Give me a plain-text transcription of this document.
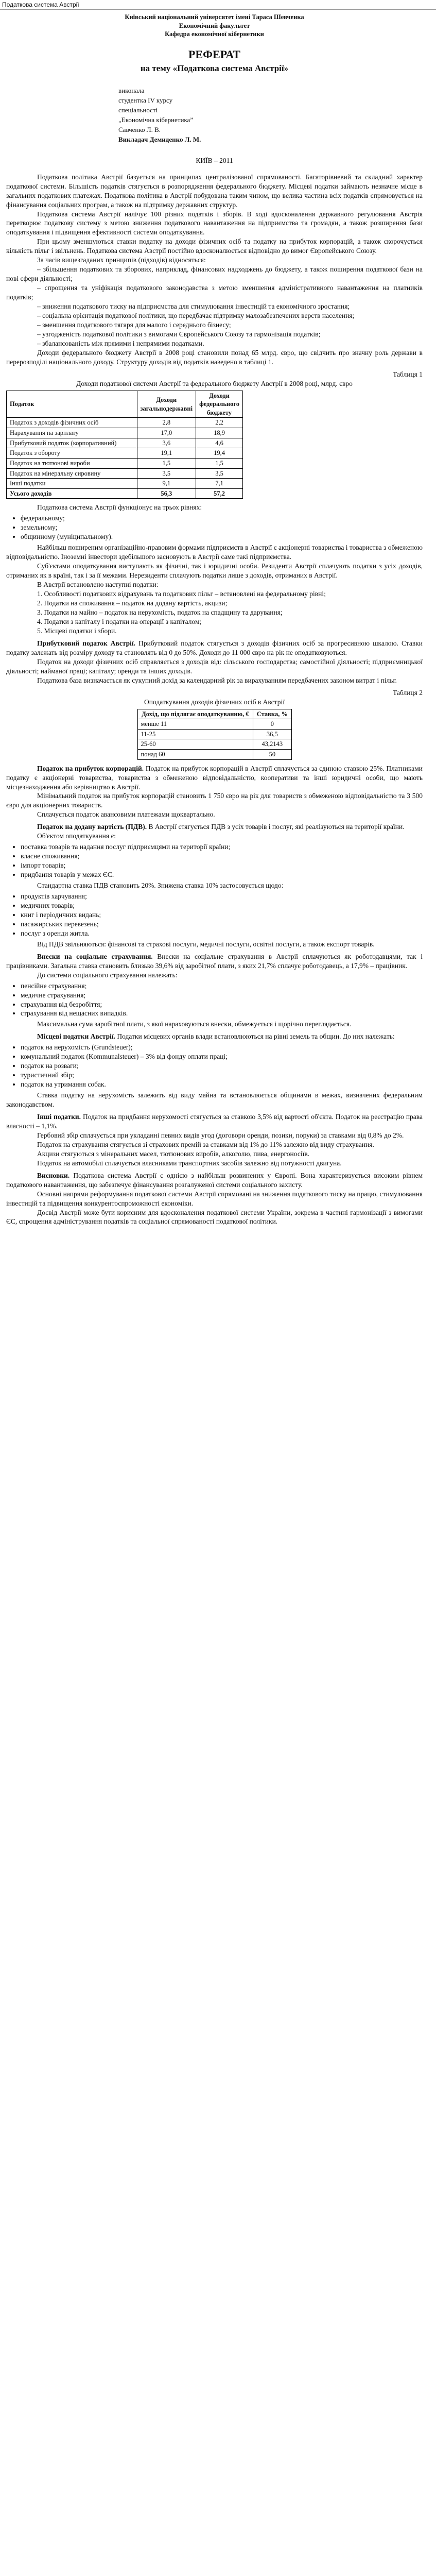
Податкова система Австрії
Київський національний університет імені Тараса Шевченка
Економічний факультет
Кафедра економічної кібернетики
РЕФЕРАТ
на тему «Податкова система Австрії»
виконала
студентка IV курсу
спеціальності
„Економічна кібернетика”
Савченко Л. В.
Викладач Демиденко Л. М.
КИЇВ – 2011

Податкова політика Австрії базується на принципах централізованої спрямованості. Багаторівневий та складний характер податкової системи. Більшість податків стягується в розпорядження федерального бюджету. Місцеві податки займають незначне місце в загальних податкових платежах. Податкова політика в Австрії побудована таким чином, що велика частина всіх податків спрямовується на фінансування соціальних програм, а також на підтримку державних структур.

Податкова система Австрії налічує 100 різних податків і зборів. В ході вдосконалення державного регулювання Австрія перетворює податкову систему з метою зниження податкового навантаження на підприємства та громадян, а також розширення бази оподаткування і підвищення ефективності системи оподаткування.

При цьому зменшуються ставки податку на доходи фізичних осіб та податку на прибуток корпорацій, а також скорочується кількість пільг і звільнень. Податкова система Австрії постійно вдосконалюється відповідно до вимог Європейського Союзу.

За часів вищезгаданих принципів (підходів) відносяться:

– збільшення податкових та зборових, наприклад, фінансових надходжень до бюджету, а також поширення податкової бази на нові сфери діяльності;

– спрощення та уніфікація податкового законодавства з метою зменшення адміністративного навантаження на платників податків;

– зниження податкового тиску на підприємства для стимулювання інвестицій та економічного зростання;

– соціальна орієнтація податкової політики, що передбачає підтримку малозабезпечених верств населення;

– зменшення податкового тягаря для малого і середнього бізнесу;

– узгодженість податкової політики з вимогами Європейського Союзу та гармонізація податків;

– збалансованість між прямими і непрямими податками.

Доходи федерального бюджету Австрії в 2008 році становили понад 65 млрд. євро, що свідчить про значну роль держави в перерозподілі національного доходу. Структуру доходів від податків наведено в таблиці 1.

Таблиця 1
Доходи податкової системи Австрії та федерального бюджету Австрії в 2008 році, млрд. євро
Податок	Доходи загальнодержавні	Доходи федерального бюджету
Податок з доходів фізичних осіб	2,8	2,2
Нарахування на зарплату	17,0	18,9
Прибутковий податок (корпоративний)	3,6	4,6
Податок з обороту	19,1	19,4
Податок на тютюнові вироби	1,5	1,5
Податок на мінеральну сировину	3,5	3,5
Інші податки	9,1	7,1
Усього доходів	56,3	57,2

Податкова система Австрії функціонує на трьох рівнях:

• федеральному;
• земельному;
• общинному (муніципальному).

Найбільш поширеним організаційно-правовим формами підприємств в Австрії є акціонерні товариства і товариства з обмеженою відповідальністю. Іноземні інвестори здебільшого засновують в Австрії саме такі підприємства.

Суб'єктами оподаткування виступають як фізичні, так і юридичні особи. Резиденти Австрії сплачують податки з усіх доходів, отриманих як в країні, так і за її межами. Нерезиденти сплачують податки лише з доходів, отриманих в Австрії.

В Австрії встановлено наступні податки:

1. Особливості податкових відрахувань та податкових пільг – встановлені на федеральному рівні;

2. Податки на споживання – податок на додану вартість, акцизи;

3. Податки на майно – податок на нерухомість, податок на спадщину та дарування;

4. Податки з капіталу і податки на операції з капіталом;

5. Місцеві податки і збори.

Прибутковий податок Австрії. Прибутковий податок стягується з доходів фізичних осіб за прогресивною шкалою. Ставки податку залежать від розміру доходу та становлять від 0 до 50%. Доходи до 11 000 євро на рік не оподатковуються.

Податок на доходи фізичних осіб справляється з доходів від: сільського господарства; самостійної діяльності; підприємницької діяльності; найманої праці; капіталу; оренди та інших доходів.

Податкова база визначається як сукупний дохід за календарний рік за вирахуванням передбачених законом витрат і пільг.

Таблиця 2
Оподаткування доходів фізичних осіб в Австрії
Дохід, що підлягає оподаткуванню, €	Ставка, %
менше 11	0
11-25	36,5
25-60	43,2143
понад 60	50

Податок на прибуток корпорацій. Податок на прибуток корпорацій в Австрії сплачується за єдиною ставкою 25%. Платниками податку є акціонерні товариства, товариства з обмеженою відповідальністю, кооперативи та інші юридичні особи, що мають місцезнаходження або керівництво в Австрії.

Мінімальний податок на прибуток корпорацій становить 1 750 євро на рік для товариств з обмеженою відповідальністю та 3 500 євро для акціонерних товариств.

Сплачується податок авансовими платежами щоквартально.

Податок на додану вартість (ПДВ). В Австрії стягується ПДВ з усіх товарів і послуг, які реалізуються на території країни.

Об'єктом оподаткування є:

• поставка товарів та надання послуг підприємцями на території країни;
• власне споживання;
• імпорт товарів;
• придбання товарів у межах ЄС.

Стандартна ставка ПДВ становить 20%. Знижена ставка 10% застосовується щодо:

• продуктів харчування;
• медичних товарів;
• книг і періодичних видань;
• пасажирських перевезень;
• послуг з оренди житла.

Від ПДВ звільняються: фінансові та страхові послуги, медичні послуги, освітні послуги, а також експорт товарів.

Внески на соціальне страхування. Внески на соціальне страхування в Австрії сплачуються як роботодавцями, так і працівниками. Загальна ставка становить близько 39,6% від заробітної плати, з яких 21,7% сплачує роботодавець, а 17,9% – працівник.

До системи соціального страхування належать:

• пенсійне страхування;
• медичне страхування;
• страхування від безробіття;
• страхування від нещасних випадків.

Максимальна сума заробітної плати, з якої нараховуються внески, обмежується і щорічно переглядається.

Місцеві податки Австрії. Податки місцевих органів влади встановлюються на рівні земель та общин. До них належать:

• податок на нерухомість (Grundsteuer);
• комунальний податок (Kommunalsteuer) – 3% від фонду оплати праці;
• податок на розваги;
• туристичний збір;
• податок на утримання собак.

Ставка податку на нерухомість залежить від виду майна та встановлюється общинами в межах, визначених федеральним законодавством.

Інші податки. Податок на придбання нерухомості стягується за ставкою 3,5% від вартості об'єкта. Податок на реєстрацію права власності – 1,1%.

Гербовий збір сплачується при укладанні певних видів угод (договори оренди, позики, поруки) за ставками від 0,8% до 2%.

Податок на страхування стягується зі страхових премій за ставками від 1% до 11% залежно від виду страхування.

Акцизи стягуються з мінеральних масел, тютюнових виробів, алкоголю, пива, енергоносіїв.

Податок на автомобілі сплачується власниками транспортних засобів залежно від потужності двигуна.

Висновки. Податкова система Австрії є однією з найбільш розвинених у Європі. Вона характеризується високим рівнем податкового навантаження, що забезпечує фінансування розгалуженої системи соціального захисту.

Основні напрями реформування податкової системи Австрії спрямовані на зниження податкового тиску на працю, стимулювання інвестицій та підвищення конкурентоспроможності економіки.

Досвід Австрії може бути корисним для вдосконалення податкової системи України, зокрема в частині гармонізації з вимогами ЄС, спрощення адміністрування податків та соціальної спрямованості податкової політики.
